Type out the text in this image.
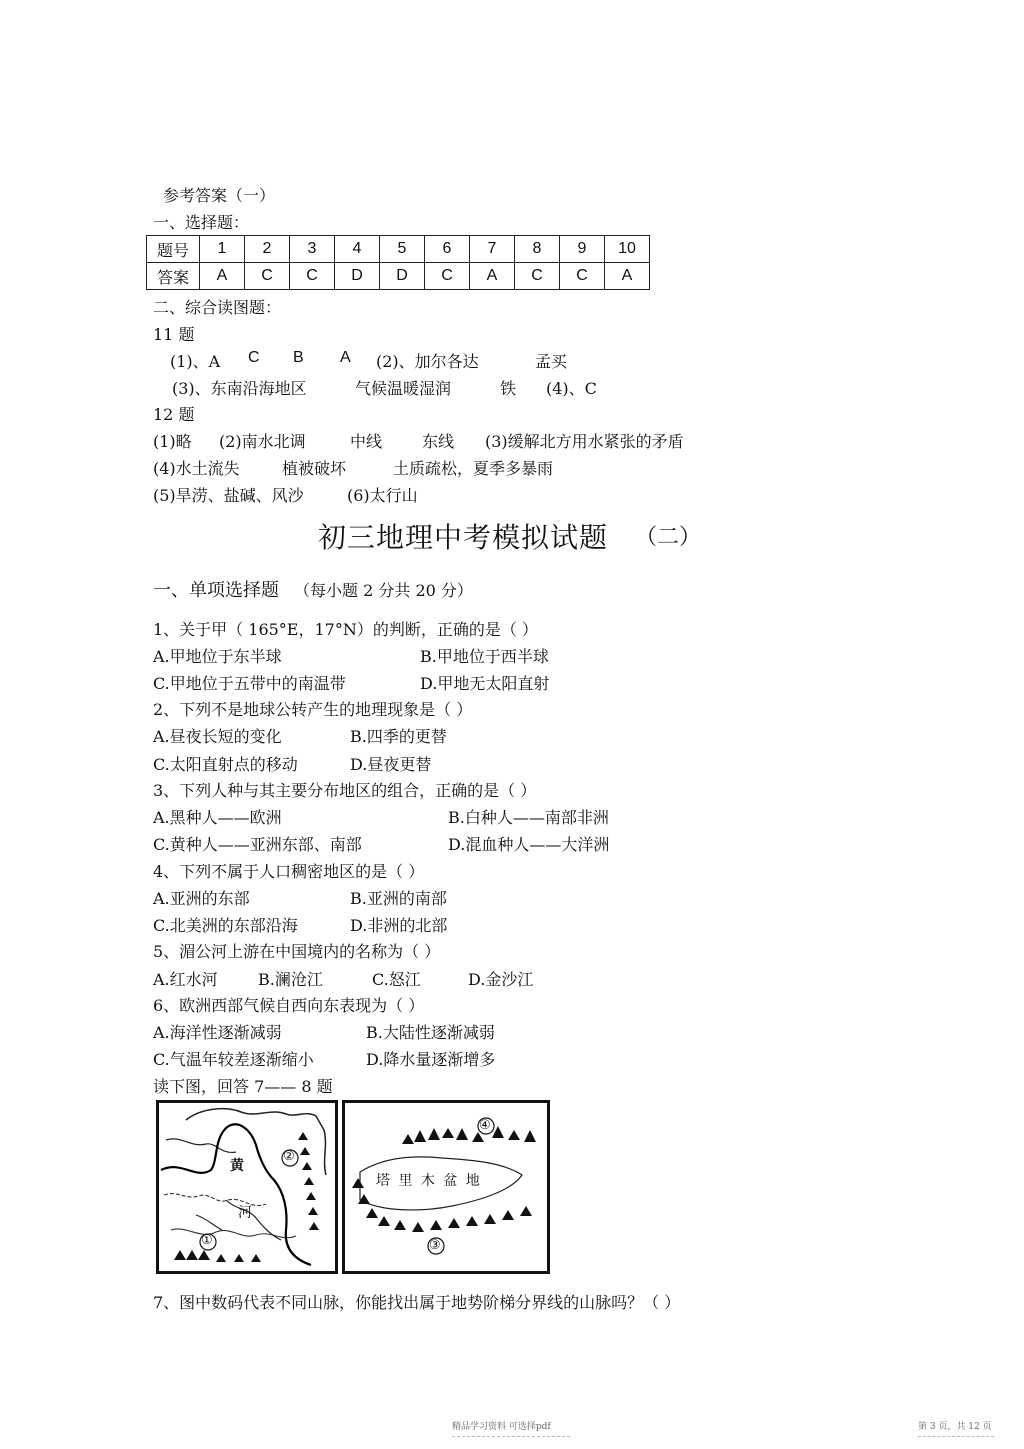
参考答案（一）
一、选择题：
题号	1	2	3	4	5	6	7	8	9	10
答案	A	C	C	D	D	C	A	C	C	A
二、综合读图题：
11 题
(1)、A C B A (2)、加尔各达	孟买
(3)、东南沿海地区	气候温暖湿润	铁 (4)、C
12 题
(1)略 (2)南水北调	中线 东线 (3)缓解北方用水紧张的矛盾
(4)水土流失	植被破坏	土质疏松，夏季多暴雨
(5)旱涝、盐碱、风沙	(6)太行山
初三地理中考模拟试题 （二）
一、单项选择题 （每小题 2 分共 20 分）
1、关于甲（ 165°E，17°N）的判断，正确的是（ ）
A.甲地位于东半球	B.甲地位于西半球
C.甲地位于五带中的南温带	D.甲地无太阳直射
2、下列不是地球公转产生的地理现象是（ ）
A.昼夜长短的变化	B.四季的更替
C.太阳直射点的移动	D.昼夜更替
3、下列人种与其主要分布地区的组合，正确的是（ ）
A.黑种人——欧洲	B.白种人——南部非洲
C.黄种人——亚洲东部、南部	D.混血种人——大洋洲
4、下列不属于人口稠密地区的是（ ）
A.亚洲的东部	B.亚洲的南部
C.北美洲的东部沿海	D.非洲的北部
5、湄公河上游在中国境内的名称为（ ）
A.红水河	B.澜沧江	C.怒江	D.金沙江
6、欧洲西部气候自西向东表现为（ ）
A.海洋性逐渐减弱	B.大陆性逐渐减弱
C.气温年较差逐渐缩小	D.降水量逐渐增多
读下图，回答 7—— 8 题
黄
河
②
①
塔 里 木 盆 地
④
③
7、图中数码代表不同山脉，你能找出属于地势阶梯分界线的山脉吗？（ ）
精品学习资料 可选择pdf	第 3 页，共 12 页
